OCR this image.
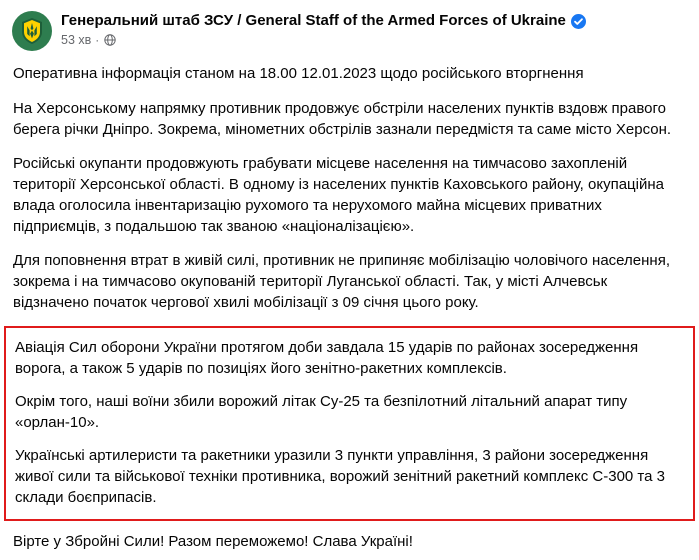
Генеральний штаб ЗСУ / General Staff of the Armed Forces of Ukraine
53 хв ·

Оперативна інформація станом на 18.00 12.01.2023 щодо російського вторгнення

На Херсонському напрямку противник продовжує обстріли населених пунктів вздовж правого берега річки Дніпро. Зокрема, мінометних обстрілів зазнали передмістя та саме місто Херсон.

Російські окупанти продовжують грабувати місцеве населення на тимчасово захопленій території Херсонської області. В одному із населених пунктів Каховського району, окупаційна влада оголосила інвентаризацію рухомого та нерухомого майна місцевих приватних підприємців, з подальшою так званою «націоналізацією».

Для поповнення втрат в живій силі, противник не припиняє мобілізацію чоловічого населення, зокрема і на тимчасово окупованій території Луганської області. Так, у місті Алчевськ відзначено початок чергової хвилі мобілізації з 09 січня цього року.

Авіація Сил оборони України протягом доби завдала 15 ударів по районах зосередження ворога, а також 5 ударів по позиціях його зенітно-ракетних комплексів.

Окрім того, наші воїни збили ворожий літак Су-25 та безпілотний літальний апарат типу «орлан-10».

Українські артилеристи та ракетники уразили 3 пункти управління, 3 райони зосередження живої сили та військової техніки противника, ворожий зенітний ракетний комплекс С-300 та 3 склади боєприпасів.

Вірте у Збройні Сили! Разом переможемо! Слава Україні!
